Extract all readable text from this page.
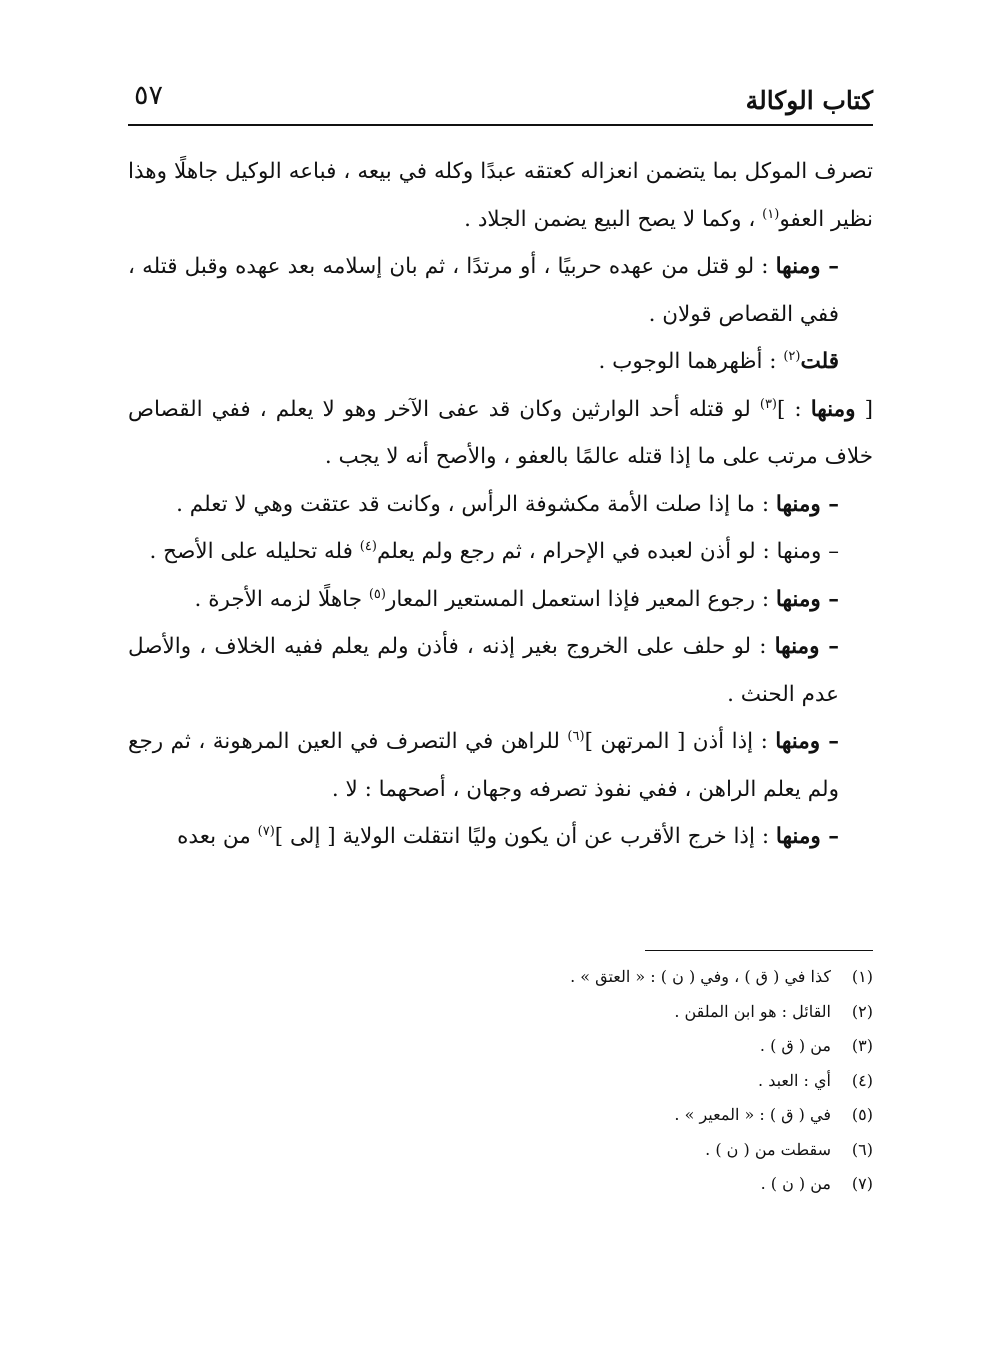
كتاب الوكالة
٥٧

تصرف الموكل بما يتضمن انعزاله كعتقه عبدًا وكله في بيعه ، فباعه الوكيل جاهلًا وهذا نظير العفو$^{(١)}$ ، وكما لا يصح البيع يضمن الجلاد .

– ومنها : لو قتل من عهده حربيًا ، أو مرتدًا ، ثم بان إسلامه بعد عهده وقبل قتله ، ففي القصاص قولان .

قلت$^{(٢)}$ : أظهرهما الوجوب .

[ ومنها : ]$^{(٣)}$ لو قتله أحد الوارثين وكان قد عفى الآخر وهو لا يعلم ، ففي القصاص خلاف مرتب على ما إذا قتله عالمًا بالعفو ، والأصح أنه لا يجب .

– ومنها : ما إذا صلت الأمة مكشوفة الرأس ، وكانت قد عتقت وهي لا تعلم .

– ومنها : لو أذن لعبده في الإحرام ، ثم رجع ولم يعلم$^{(٤)}$ فله تحليله على الأصح .

– ومنها : رجوع المعير فإذا استعمل المستعير المعار$^{(٥)}$ جاهلًا لزمه الأجرة .

– ومنها : لو حلف على الخروج بغير إذنه ، فأذن ولم يعلم ففيه الخلاف ، والأصل عدم الحنث .

– ومنها : إذا أذن [ المرتهن ]$^{(٦)}$ للراهن في التصرف في العين المرهونة ، ثم رجع ولم يعلم الراهن ، ففي نفوذ تصرفه وجهان ، أصحهما : لا .

– ومنها : إذا خرج الأقرب عن أن يكون وليًا انتقلت الولاية [ إلى ]$^{(٧)}$ من بعده

(١)
كذا في ( ق ) ، وفي ( ن ) : « العتق » .
(٢)
القائل : هو ابن الملقن .
(٣)
من ( ق ) .
(٤)
أي : العبد .
(٥)
في ( ق ) : « المعير » .
(٦)
سقطت من ( ن ) .
(٧)
من ( ن ) .
